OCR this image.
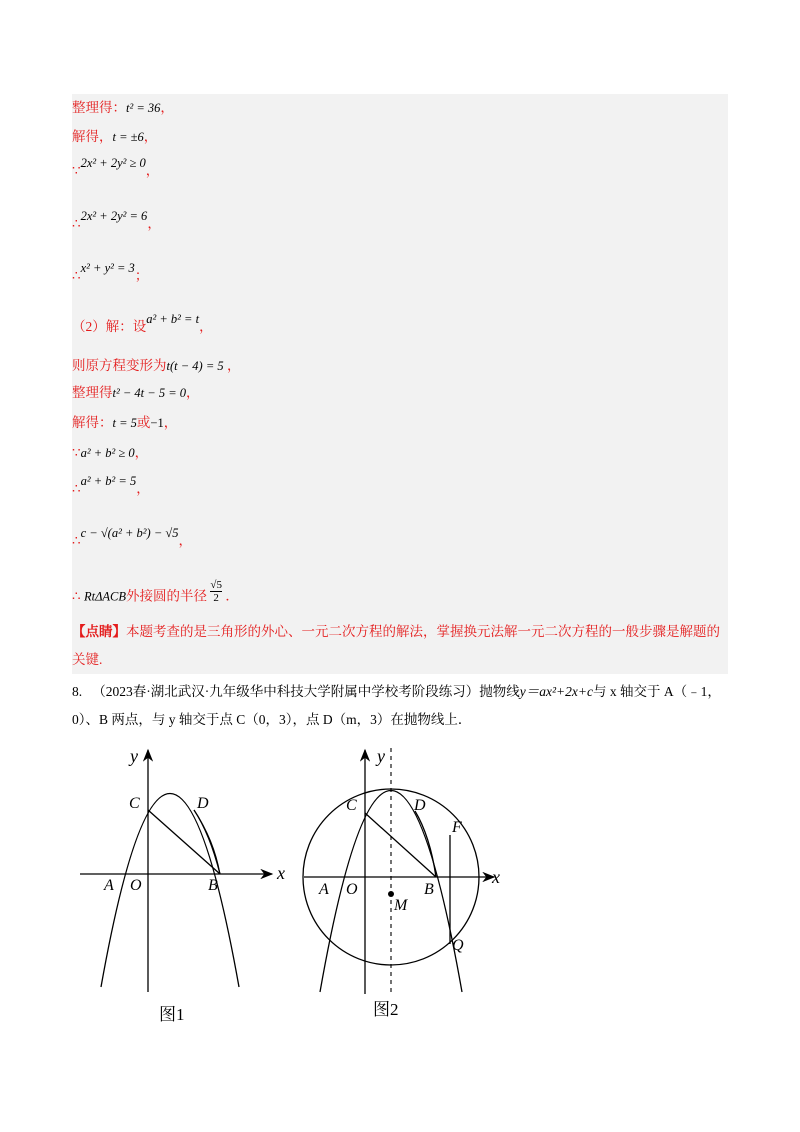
整理得：t² = 36，
解得，t = ±6，
∵2x² + 2y² ≥ 0，
∴2x² + 2y² = 6，
∴x² + y² = 3；
（2）解：设a² + b² = t，
则原方程变形为t(t − 4) = 5 ，
整理得t² − 4t − 5 = 0，
解得：t = 5或−1，
∵a² + b² ≥ 0，
∴a² + b² = 5，
∴c − √(a² + b²) − √5，
∴ RtΔACB外接圆的半径 $\frac{√5}{2}$ ．
【点睛】本题考查的是三角形的外心、一元二次方程的解法，掌握换元法解一元二次方程的一般步骤是解题的关键.
8. （2023春·湖北武汉·九年级华中科技大学附属中学校考阶段练习）抛物线y＝ax²+2x+c与 x 轴交于 A（﹣1，0）、B 两点，与 y 轴交于点 C（0，3），点 D（m，3）在抛物线上．
y
x
C	D
A O	B
图1
y
x
C	D
F
A O	B
M
Q
图2
